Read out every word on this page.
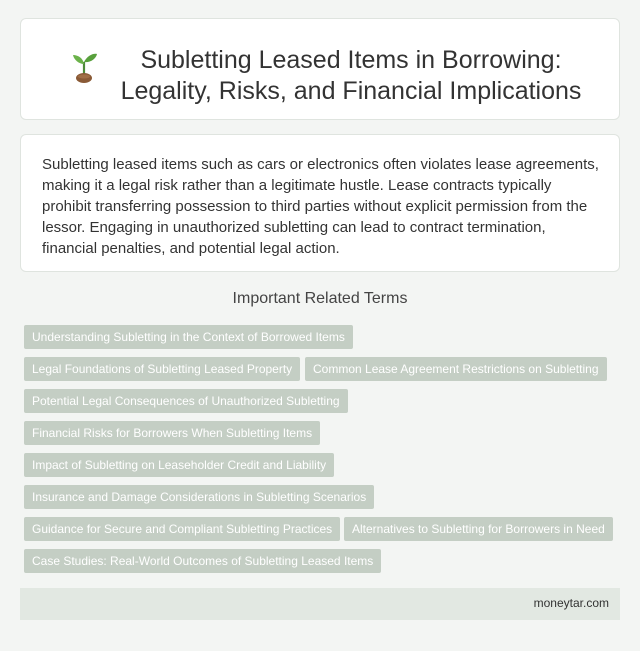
Subletting Leased Items in Borrowing: Legality, Risks, and Financial Implications

Subletting leased items such as cars or electronics often violates lease agreements, making it a legal risk rather than a legitimate hustle. Lease contracts typically prohibit transferring possession to third parties without explicit permission from the lessor. Engaging in unauthorized subletting can lead to contract termination, financial penalties, and potential legal action.

Important Related Terms
Understanding Subletting in the Context of Borrowed Items
Legal Foundations of Subletting Leased Property	Common Lease Agreement Restrictions on Subletting
Potential Legal Consequences of Unauthorized Subletting
Financial Risks for Borrowers When Subletting Items
Impact of Subletting on Leaseholder Credit and Liability
Insurance and Damage Considerations in Subletting Scenarios
Guidance for Secure and Compliant Subletting Practices	Alternatives to Subletting for Borrowers in Need
Case Studies: Real-World Outcomes of Subletting Leased Items
moneytar.com
